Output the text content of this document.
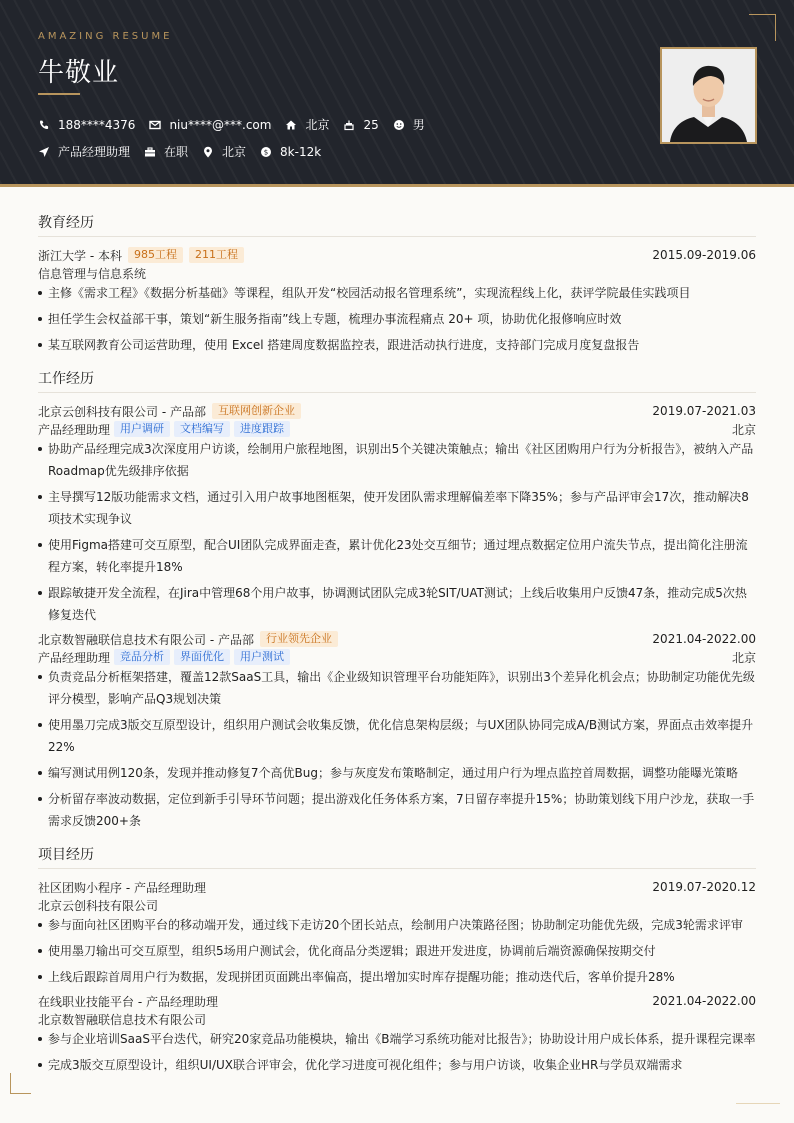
AMAZING RESUME
牛敬业
188****4376	niu****@***.com	北京	25	男
产品经理助理	在职	北京	$ 8k-12k
教育经历
浙江大学 - 本科	985工程	211工程	2015.09-2019.06
信息管理与信息系统
主修《需求工程》《数据分析基础》等课程，组队开发“校园活动报名管理系统”，实现流程线上化，获评学院最佳实践项目
担任学生会权益部干事，策划“新生服务指南”线上专题，梳理办事流程痛点 20+ 项，协助优化报修响应时效
某互联网教育公司运营助理，使用 Excel 搭建周度数据监控表，跟进活动执行进度，支持部门完成月度复盘报告
工作经历
北京云创科技有限公司 - 产品部	互联网创新企业	2019.07-2021.03
产品经理助理 用户调研	文档编写	进度跟踪	北京
协助产品经理完成3次深度用户访谈，绘制用户旅程地图，识别出5个关键决策触点；输出《社区团购用户行为分析报告》，被纳入产品Roadmap优先级排序依据
主导撰写12版功能需求文档，通过引入用户故事地图框架，使开发团队需求理解偏差率下降35%；参与产品评审会17次，推动解决8项技术实现争议
使用Figma搭建可交互原型，配合UI团队完成界面走查，累计优化23处交互细节；通过埋点数据定位用户流失节点，提出简化注册流程方案，转化率提升18%
跟踪敏捷开发全流程，在Jira中管理68个用户故事，协调测试团队完成3轮SIT/UAT测试；上线后收集用户反馈47条，推动完成5次热修复迭代
北京数智融联信息技术有限公司 - 产品部	行业领先企业	2021.04-2022.00
产品经理助理 竞品分析	界面优化	用户测试	北京
负责竞品分析框架搭建，覆盖12款SaaS工具，输出《企业级知识管理平台功能矩阵》，识别出3个差异化机会点；协助制定功能优先级评分模型，影响产品Q3规划决策
使用墨刀完成3版交互原型设计，组织用户测试会收集反馈，优化信息架构层级；与UX团队协同完成A/B测试方案，界面点击效率提升22%
编写测试用例120条，发现并推动修复7个高优Bug；参与灰度发布策略制定，通过用户行为埋点监控首周数据，调整功能曝光策略
分析留存率波动数据，定位到新手引导环节问题；提出游戏化任务体系方案，7日留存率提升15%；协助策划线下用户沙龙，获取一手需求反馈200+条
项目经历
社区团购小程序 - 产品经理助理	2019.07-2020.12
北京云创科技有限公司
参与面向社区团购平台的移动端开发，通过线下走访20个团长站点，绘制用户决策路径图；协助制定功能优先级，完成3轮需求评审
使用墨刀输出可交互原型，组织5场用户测试会，优化商品分类逻辑；跟进开发进度，协调前后端资源确保按期交付
上线后跟踪首周用户行为数据，发现拼团页面跳出率偏高，提出增加实时库存提醒功能；推动迭代后，客单价提升28%
在线职业技能平台 - 产品经理助理	2021.04-2022.00
北京数智融联信息技术有限公司
参与企业培训SaaS平台迭代，研究20家竞品功能模块，输出《B端学习系统功能对比报告》；协助设计用户成长体系，提升课程完课率
完成3版交互原型设计，组织UI/UX联合评审会，优化学习进度可视化组件；参与用户访谈，收集企业HR与学员双端需求
